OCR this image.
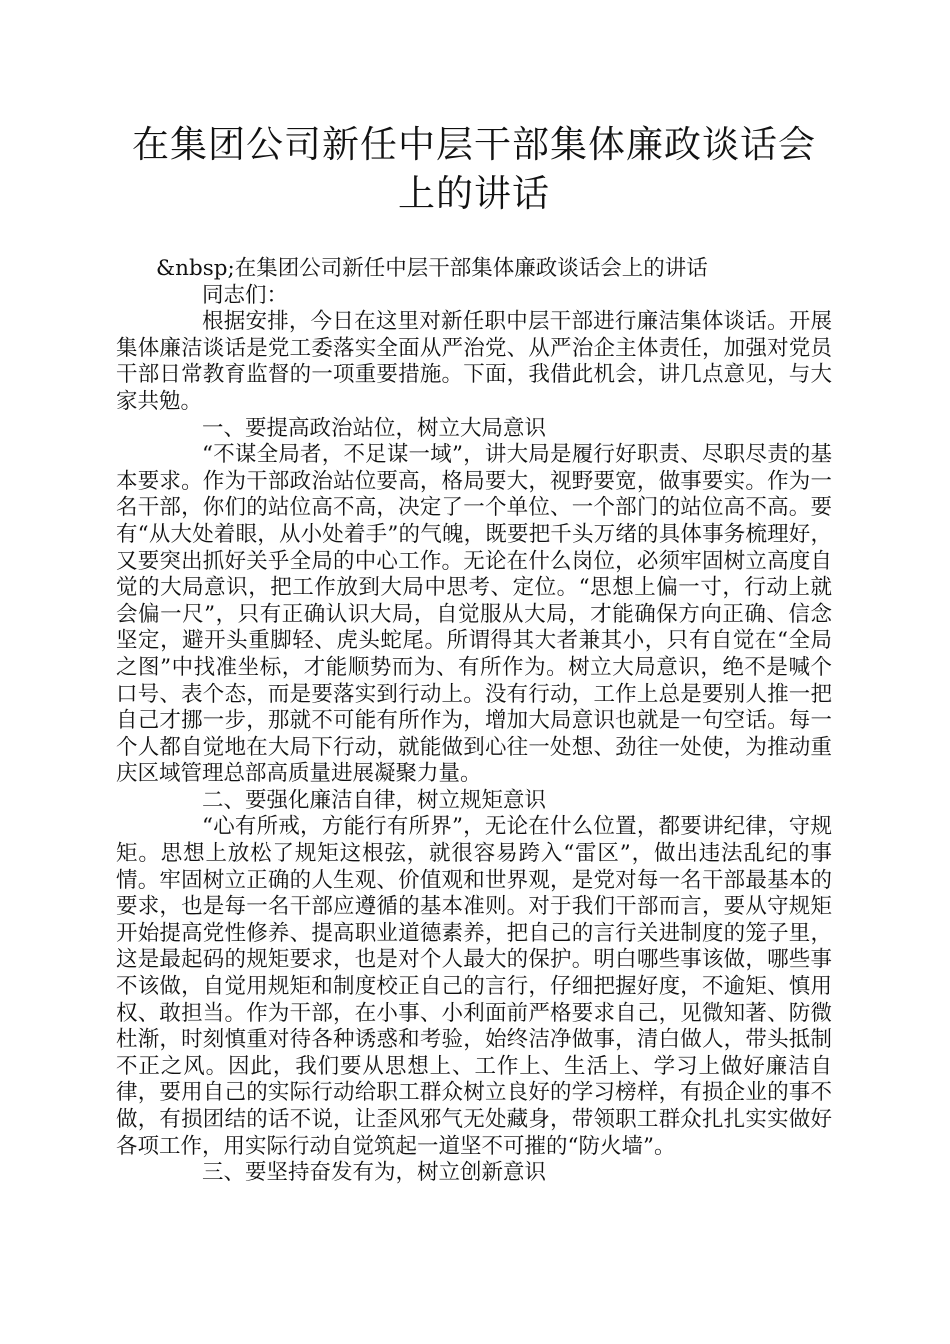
在集团公司新任中层干部集体廉政谈话会
上的讲话

&nbsp;在集团公司新任中层干部集体廉政谈话会上的讲话

同志们：

根据安排，今日在这里对新任职中层干部进行廉洁集体谈话。开展集体廉洁谈话是党工委落实全面从严治党、从严治企主体责任，加强对党员干部日常教育监督的一项重要措施。下面，我借此机会，讲几点意见，与大家共勉。

一、要提高政治站位，树立大局意识

“不谋全局者，不足谋一域”，讲大局是履行好职责、尽职尽责的基本要求。作为干部政治站位要高，格局要大，视野要宽，做事要实。作为一名干部，你们的站位高不高，决定了一个单位、一个部门的站位高不高。要有“从大处着眼，从小处着手”的气魄，既要把千头万绪的具体事务梳理好，又要突出抓好关乎全局的中心工作。无论在什么岗位，必须牢固树立高度自觉的大局意识，把工作放到大局中思考、定位。“思想上偏一寸，行动上就会偏一尺”，只有正确认识大局，自觉服从大局，才能确保方向正确、信念坚定，避开头重脚轻、虎头蛇尾。所谓得其大者兼其小，只有自觉在“全局之图”中找准坐标，才能顺势而为、有所作为。树立大局意识，绝不是喊个口号、表个态，而是要落实到行动上。没有行动，工作上总是要别人推一把自己才挪一步，那就不可能有所作为，增加大局意识也就是一句空话。每一个人都自觉地在大局下行动，就能做到心往一处想、劲往一处使，为推动重庆区域管理总部高质量进展凝聚力量。

二、要强化廉洁自律，树立规矩意识

“心有所戒，方能行有所界”，无论在什么位置，都要讲纪律，守规矩。思想上放松了规矩这根弦，就很容易跨入“雷区”，做出违法乱纪的事情。牢固树立正确的人生观、价值观和世界观，是党对每一名干部最基本的要求，也是每一名干部应遵循的基本准则。对于我们干部而言，要从守规矩开始提高党性修养、提高职业道德素养，把自己的言行关进制度的笼子里，这是最起码的规矩要求，也是对个人最大的保护。明白哪些事该做，哪些事不该做，自觉用规矩和制度校正自己的言行，仔细把握好度，不逾矩、慎用权、敢担当。作为干部，在小事、小利面前严格要求自己，见微知著、防微杜渐，时刻慎重对待各种诱惑和考验，始终洁净做事，清白做人，带头抵制不正之风。因此，我们要从思想上、工作上、生活上、学习上做好廉洁自律，要用自己的实际行动给职工群众树立良好的学习榜样，有损企业的事不做，有损团结的话不说，让歪风邪气无处藏身，带领职工群众扎扎实实做好各项工作，用实际行动自觉筑起一道坚不可摧的“防火墙”。

三、要坚持奋发有为，树立创新意识
